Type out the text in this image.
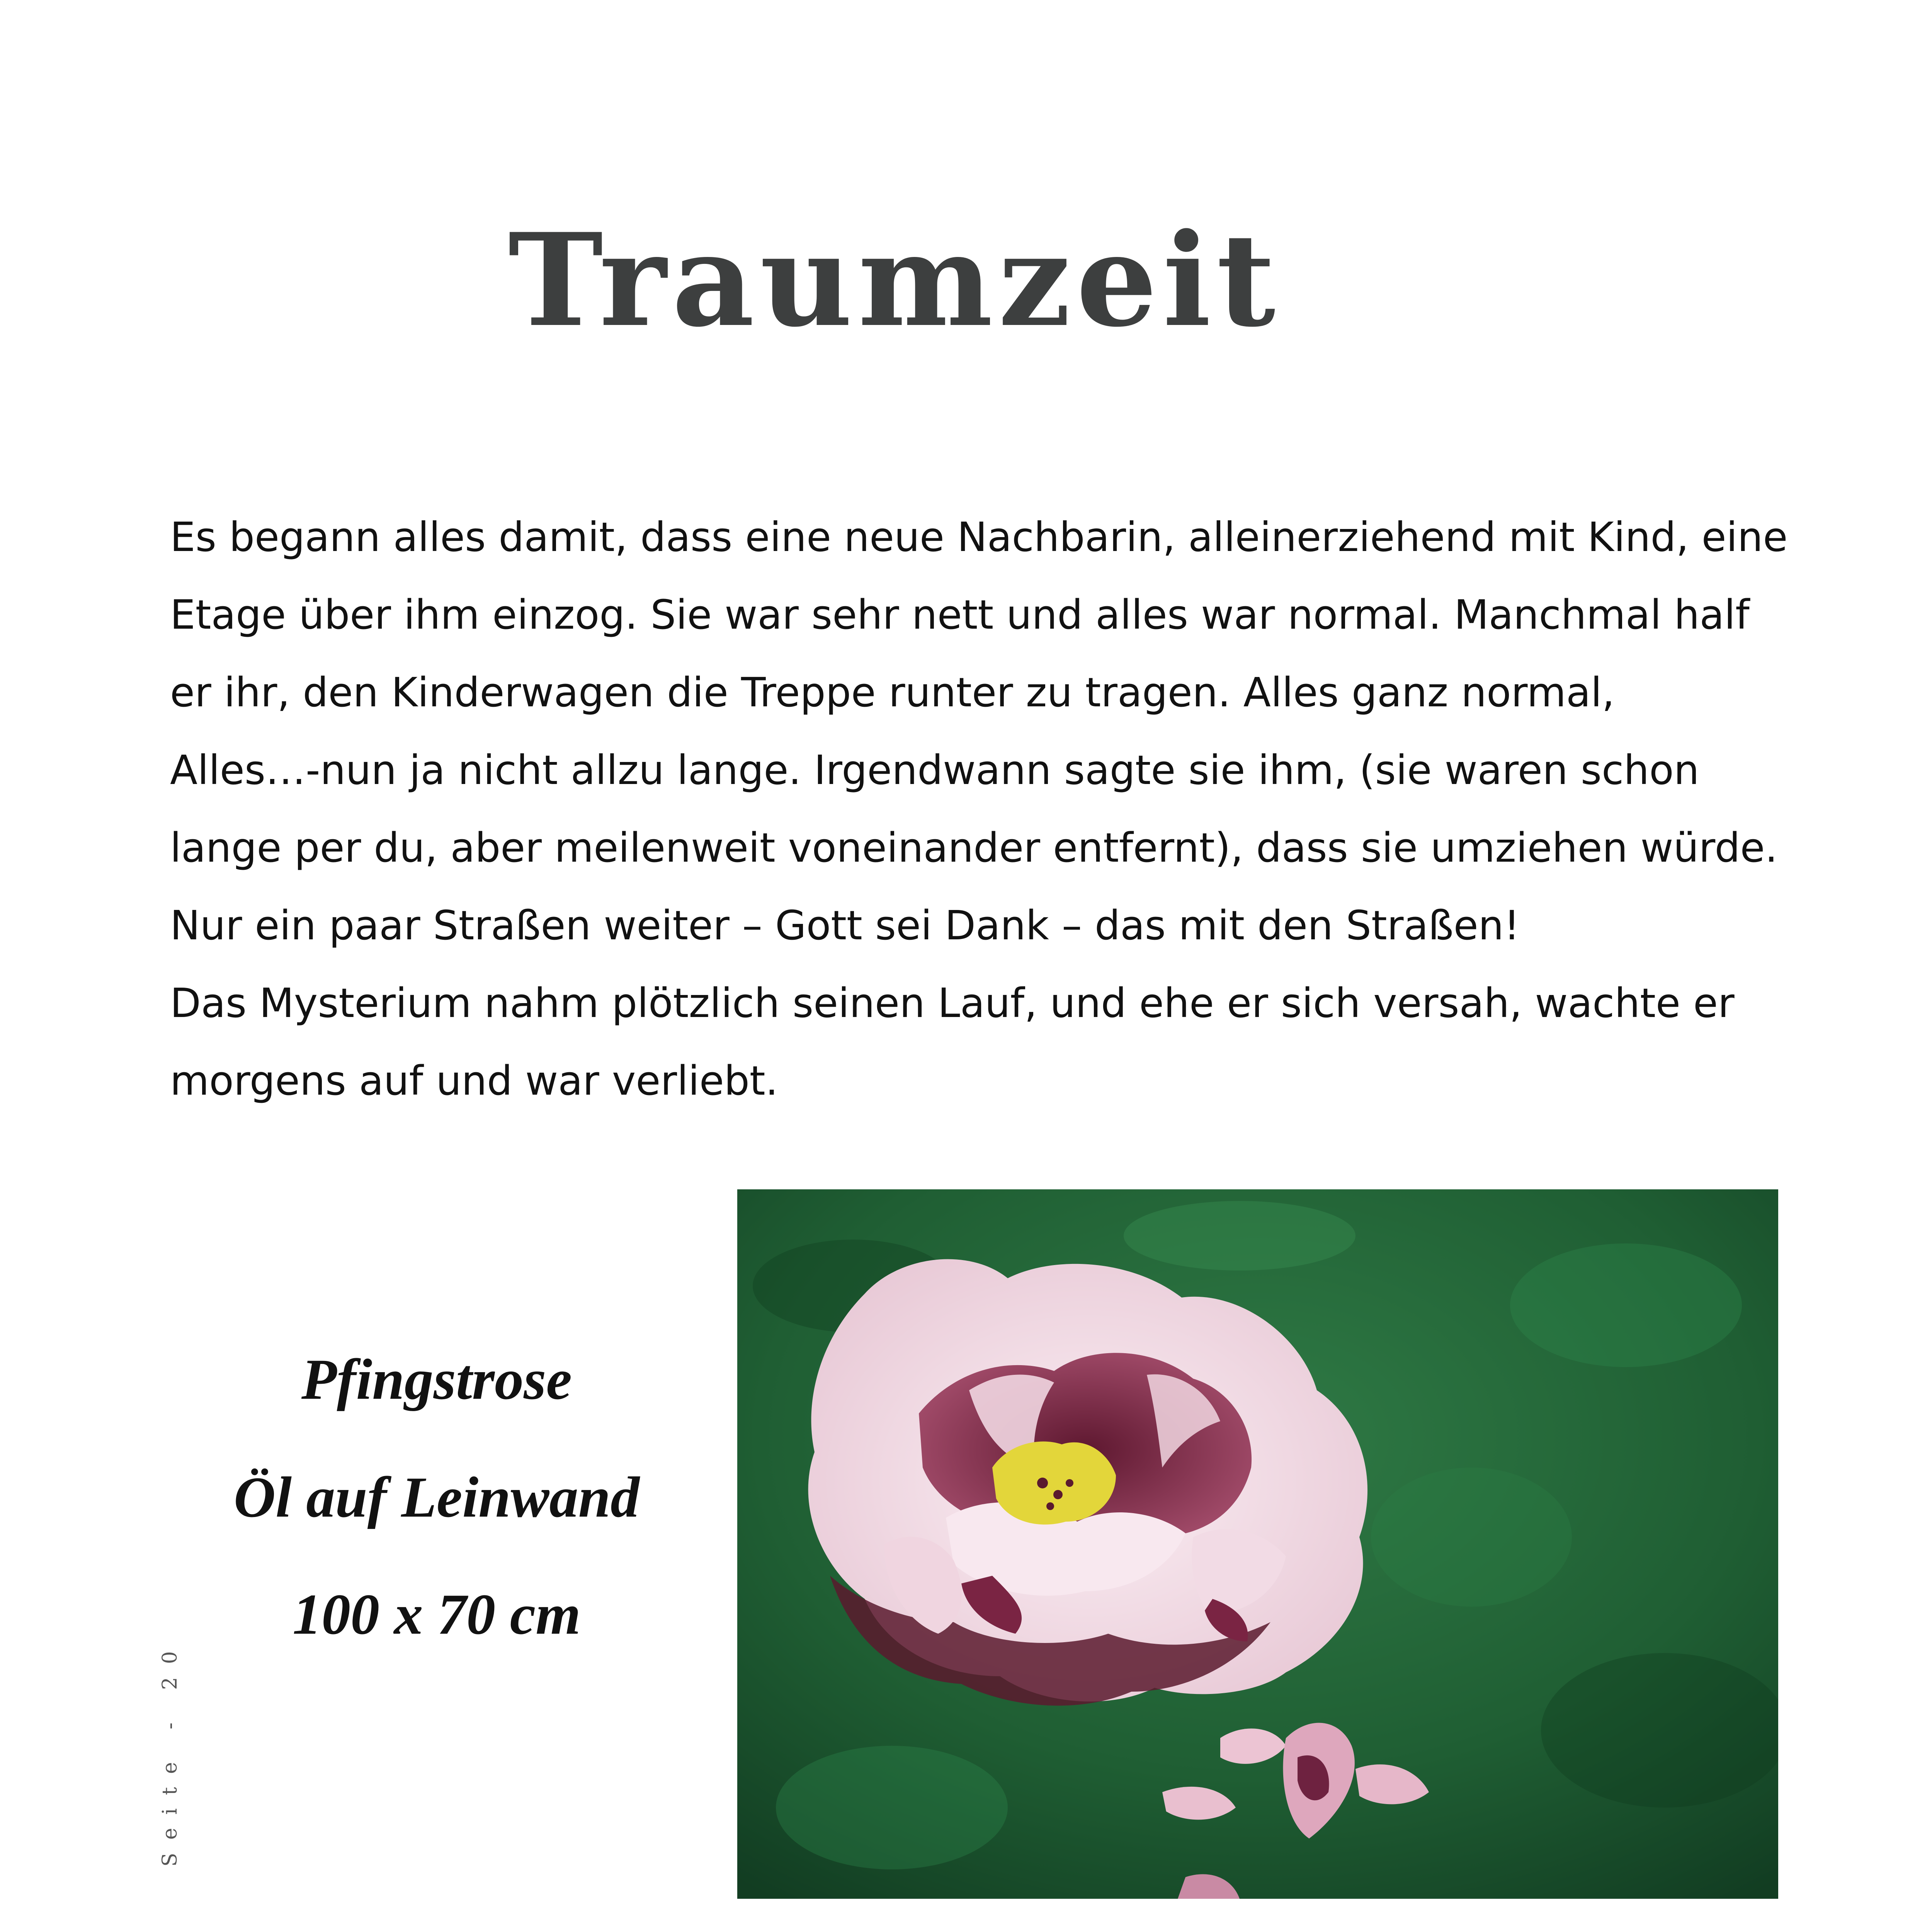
Traumzeit
Es begann alles damit, dass eine neue Nachbarin, alleinerziehend mit Kind, eine
Etage über ihm einzog. Sie war sehr nett und alles war normal. Manchmal half
er ihr, den Kinderwagen die Treppe runter zu tragen. Alles ganz normal,
Alles…-nun ja nicht allzu lange. Irgendwann sagte sie ihm, (sie waren schon
lange per du, aber meilenweit voneinander entfernt), dass sie umziehen würde.
Nur ein paar Straßen weiter – Gott sei Dank – das mit den Straßen!
Das Mysterium nahm plötzlich seinen Lauf, und ehe er sich versah, wachte er
morgens auf und war verliebt.

Pfingstrose

Öl auf Leinwand

100 x 70 cm

Seite - 20
